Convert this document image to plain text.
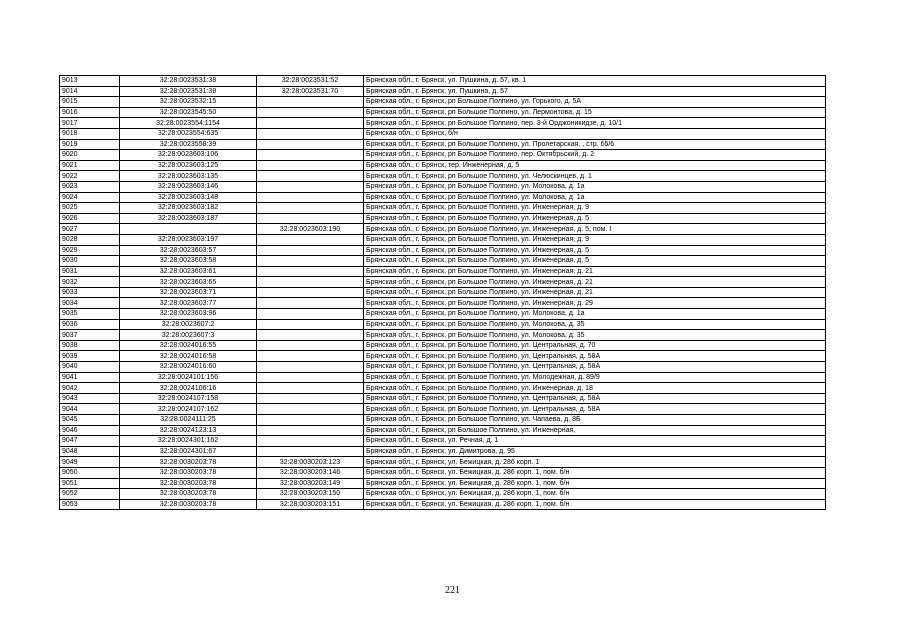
9013	32:28:0023531:38	32:28:0023531:52	Брянская обл., г. Брянск, ул. Пушкина, д. 57, кв. 1
9014	32:28:0023531:38	32:28:0023531:70	Брянская обл., г. Брянск, ул. Пушкина, д. 57
9015	32:28:0023532:15		Брянская обл., г. Брянск, рп Большое Полпино, ул. Горького, д. 5А
9016	32:28:0023545:50		Брянская обл., г. Брянск, рп Большое Полпино, ул. Лермонтова, д. 15
9017	32:28:0023554:1154		Брянская обл., г. Брянск, рп Большое Полпино, пер. 3-й Орджоникидзе, д. 10/1
9018	32:28:0023554:635		Брянская обл., г. Брянск, б/н
9019	32:28:0023558:39		Брянская обл., г. Брянск, рп Большое Полпино, ул. Пролетарская, , стр. 65/6
9020	32:28:0023603:106		Брянская обл., г. Брянск, рп Большое Полпино, пер. Октябрьский, д. 2
9021	32:28:0023603:125		Брянская обл., г. Брянск, тер. Инженерная, д. 5
9022	32:28:0023603:135		Брянская обл., г. Брянск, рп Большое Полпино, ул. Челюскинцев, д. 1
9023	32:28:0023603:146		Брянская обл., г. Брянск, рп Большое Полпино, ул. Молокова, д. 1а
9024	32:28:0023603:148		Брянская обл., г. Брянск, рп Большое Полпино, ул. Молокова, д. 1а
9025	32:28:0023603:182		Брянская обл., г. Брянск, рп Большое Полпино, ул. Инженерная, д. 9
9026	32:28:0023603:187		Брянская обл., г. Брянск, рп Большое Полпино, ул. Инженерная, д. 5
9027		32:28:0023603:190	Брянская обл., г. Брянск, рп Большое Полпино, ул. Инженерная, д. 5, пом. I
9028	32:28:0023603:197		Брянская обл., г. Брянск, рп Большое Полпино, ул. Инженерная, д. 9
9029	32:28:0023603:57		Брянская обл., г. Брянск, рп Большое Полпино, ул. Инженерная, д. 5
9030	32:28:0023603:58		Брянская обл., г. Брянск, рп Большое Полпино, ул. Инженерная, д. 5
9031	32:28:0023603:61		Брянская обл., г. Брянск, рп Большое Полпино, ул. Инженерная, д. 21
9032	32:28:0023603:65		Брянская обл., г. Брянск, рп Большое Полпино, ул. Инженерная, д. 21
9033	32:28:0023603:71		Брянская обл., г. Брянск, рп Большое Полпино, ул. Инженерная, д. 21
9034	32:28:0023603:77		Брянская обл., г. Брянск, рп Большое Полпино, ул. Инженерная, д. 29
9035	32:28:0023603:96		Брянская обл., г. Брянск, рп Большое Полпино, ул. Молокова, д. 1а
9036	32:28:0023607:2		Брянская обл., г. Брянск, рп Большое Полпино, ул. Молокова, д. 35
9037	32:28:0023607:3		Брянская обл., г. Брянск, рп Большое Полпино, ул. Молокова, д. 35
9038	32:28:0024016:55		Брянская обл., г. Брянск, рп Большое Полпино, ул. Центральная, д. 70
9039	32:28:0024016:58		Брянская обл., г. Брянск, рп Большое Полпино, ул. Центральная, д. 58А
9040	32:28:0024016:60		Брянская обл., г. Брянск, рп Большое Полпино, ул. Центральная, д. 58А
9041	32:28:0024101:156		Брянская обл., г. Брянск, рп Большое Полпино, ул. Молодежная, д. 89/9
9042	32:28:0024106:16		Брянская обл., г. Брянск, рп Большое Полпино, ул. Инженерная, д. 18
9043	32:28:0024107:158		Брянская обл., г. Брянск, рп Большое Полпино, ул. Центральная, д. 58А
9044	32:28:0024107:162		Брянская обл., г. Брянск, рп Большое Полпино, ул. Центральная, д. 58А
9045	32:28:0024111:25		Брянская обл., г. Брянск, рп Большое Полпино, ул. Чапаева, д. 8Б
9046	32:28:0024123:13		Брянская обл., г. Брянск, рп Большое Полпино, ул. Инженерная,
9047	32:28:0024301:162		Брянская обл., г. Брянск, ул. Речная, д. 1
9048	32:28:0024301:67		Брянская обл., г. Брянск, ул. Димитрова, д. 95
9049	32:28:0030203:78	32:28:0030203:123	Брянская обл., г. Брянск, ул. Бежицкая, д. 286 корп. 1
9050	32:28:0030203:78	32:28:0030203:146	Брянская обл., г. Брянск, ул. Бежицкая, д. 286 корп. 1, пом. б/н
9051	32:28:0030203:78	32:28:0030203:149	Брянская обл., г. Брянск, ул. Бежицкая, д. 286 корп. 1, пом. б/н
9052	32:28:0030203:78	32:28:0030203:150	Брянская обл., г. Брянск, ул. Бежицкая, д. 286 корп. 1, пом. б/н
9053	32:28:0030203:78	32:28:0030203:151	Брянская обл., г. Брянск, ул. Бежицкая, д. 286 корп. 1, пом. б/н
221
